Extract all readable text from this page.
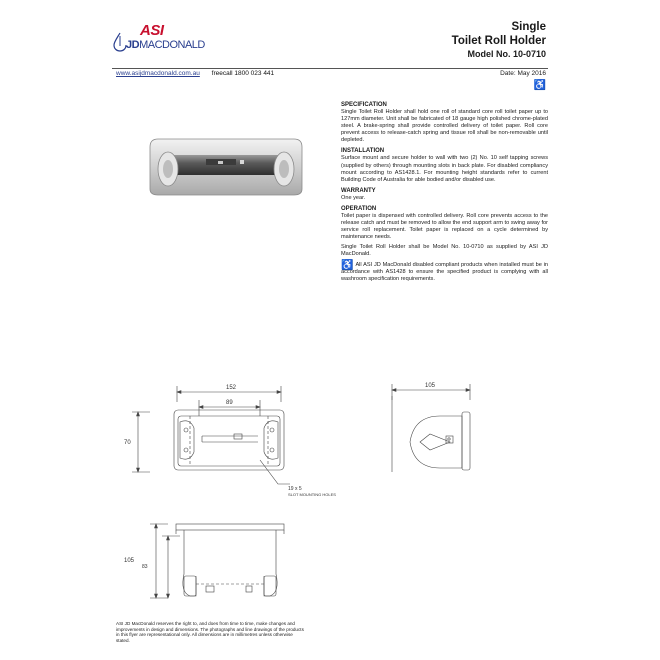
ASI
JDMACDONALD
Single
Toilet Roll Holder
Model No. 10-0710
www.asijdmacdonald.com.au freecall 1800 023 441	Date: May 2016
♿
SPECIFICATION

Single Toilet Roll Holder shall hold one roll of standard core roll toilet paper up to 127mm diameter. Unit shall be fabricated of 18 gauge high polished chrome-plated steel. A brake-spring shall provide controlled delivery of toilet paper. Roll core prevent access to release-catch spring and tissue roll shall be non-removable until depleted.

INSTALLATION

Surface mount and secure holder to wall with two (2) No. 10 self tapping screws (supplied by others) through mounting slots in back plate. For disabled compliancy mount according to AS1428.1. For mounting height standards refer to current Building Code of Australia for able bodied and/or disabled use.

WARRANTY

One year.

OPERATION

Toilet paper is dispensed with controlled delivery. Roll core prevents access to the release catch and must be removed to allow the end support arm to swing away for service roll replacement. Toilet paper is replaced on a cycle determined by maintenance needs.

Single Toilet Roll Holder shall be Model No. 10-0710 as supplied by ASI JD MacDonald.

♿ All ASI JD MacDonald disabled compliant products when installed must be in accordance with AS1428 to ensure the specified product is complying with all washroom specification requirements.

152
89
70
105
19 x 5
SLOT MOUNTING HOLES
105
83
ASI JD MacDonald reserves the right to, and does from time to time, make changes and improvements in design and dimensions. The photographs and line drawings of the products in this flyer are representational only. All dimensions are in millimetres unless otherwise stated.
